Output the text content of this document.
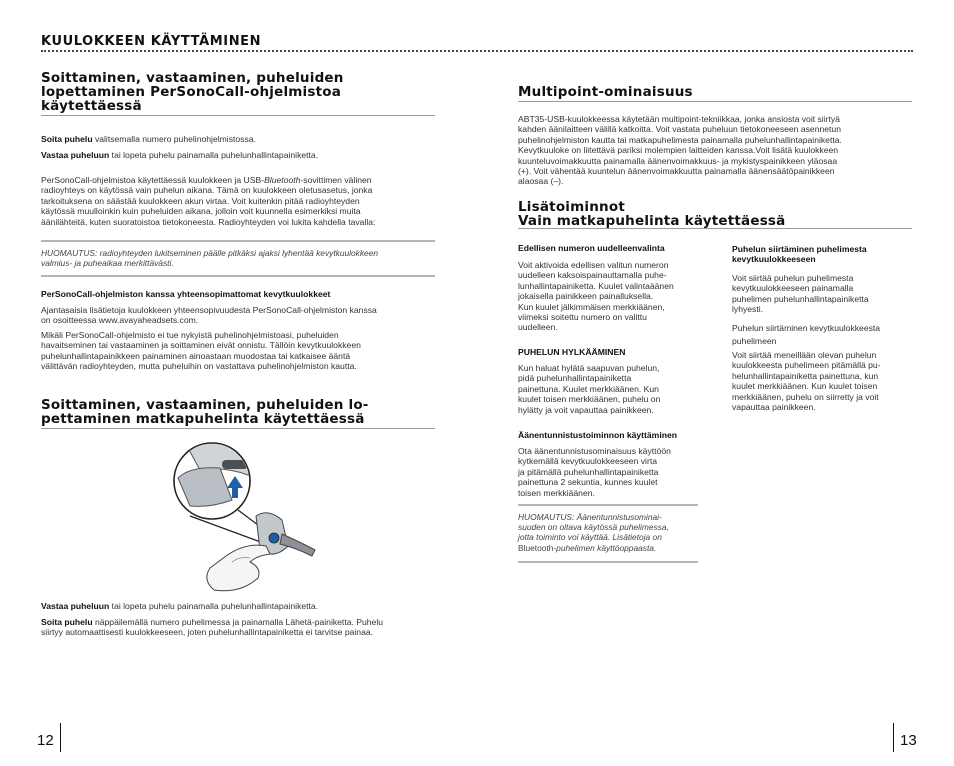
KUULOKKEEN KÄYTTÄMINEN
Soittaminen, vastaaminen, puheluiden
lopettaminen PerSonoCall-ohjelmistoa
käytettäessä
Soita puhelu valitsemalla numero puhelinohjelmistossa.
Vastaa puheluun tai lopeta puhelu painamalla puhelunhallintapainiketta.
PerSonoCall-ohjelmistoa käytettäessä kuulokkeen ja USB-Bluetooth-sovittimen välinen
radioyhteys on käytössä vain puhelun aikana. Tämä on kuulokkeen oletusasetus, jonka
tarkoituksena on säästää kuulokkeen akun virtaa. Voit kuitenkin pitää radioyhteyden
käytössä muulloinkin kuin puheluiden aikana, jolloin voit kuunnella esimerkiksi muita
äänilähteitä, kuten suoratoistoa tietokoneesta. Radioyhteyden voi lukita kahdella tavalla:
HUOMAUTUS: radioyhteyden lukitseminen päälle pitkäksi ajaksi lyhentää kevytkuulokkeen
valmius- ja puheaikaa merkittävästi.
PerSonoCall-ohjelmiston kanssa yhteensopimattomat kevytkuulokkeet
Ajantasaisia lisätietoja kuulokkeen yhteensopivuudesta PerSonoCall-ohjelmiston kanssa
on osoitteessa www.avayaheadsets.com.
Mikäli PerSonoCall-ohjelmisto ei tue nykyistä puhelinohjelmistoasi, puheluiden
havaitseminen tai vastaaminen ja soittaminen eivät onnistu. Tällöin kevytkuulokkeen
puhelunhallintapainikkeen painaminen ainoastaan muodostaa tai katkaisee ääntä
välittävän radioyhteyden, mutta puheluihin on vastattava puhelinohjelmiston kautta.
Soittaminen, vastaaminen, puheluiden lo-
pettaminen matkapuhelinta käytettäessä
Vastaa puheluun tai lopeta puhelu painamalla puhelunhallintapainiketta.
Soita puhelu näppäilemällä numero puhelimessa ja painamalla Lähetä-painiketta. Puhelu
siirtyy automaattisesti kuulokkeeseen, joten puhelunhallintapainiketta ei tarvitse painaa.
12
Multipoint-ominaisuus
ABT35-USB-kuulokkeessa käytetään multipoint-tekniikkaa, jonka ansiosta voit siirtyä
kahden äänilaitteen välillä katkoitta. Voit vastata puheluun tietokoneeseen asennetun
puhelinohjelmiston kautta tai matkapuhelimesta painamalla puhelunhallintapainiketta.
Kevytkuuloke on liitettävä pariksi molempien laitteiden kanssa.Voit lisätä kuulokkeen
kuunteluvoimakkuutta painamalla äänenvoimakkuus- ja mykistyspainikkeen yläosaa
(+). Voit vähentää kuuntelun äänenvoimakkuutta painamalla äänensäätöpainikkeen
alaosaa (–).
Lisätoiminnot
Vain matkapuhelinta käytettäessä
Edellisen numeron uudelleenvalinta
Voit aktivoida edellisen valitun numeron
uudelleen kaksoispainauttamalla puhe-
lunhallintapainiketta. Kuulet valintaäänen
jokaisella painikkeen painalluksella.
Kun kuulet jälkimmäisen merkkiäänen,
viimeksi soitettu numero on valittu
uudelleen.
PUHELUN HYLKÄÄMINEN
Kun haluat hylätä saapuvan puhelun,
pidä puhelunhallintapainiketta
painettuna. Kuulet merkkiäänen. Kun
kuulet toisen merkkiäänen, puhelu on
hylätty ja voit vapauttaa painikkeen.
Äänentunnistustoiminnon käyttäminen
Ota äänentunnistusominaisuus käyttöön
kytkemällä kevytkuulokkeeseen virta
ja pitämällä puhelunhallintapainiketta
painettuna 2 sekuntia, kunnes kuulet
toisen merkkiäänen.
HUOMAUTUS: Äänentunnistusominai-
suuden on oltava käytössä puhelimessa,
jotta toiminto voi käyttää. Lisätietoja on
Bluetooth-puhelimen käyttöoppaasta.
Puhelun siirtäminen puhelimesta
kevytkuulokkeeseen
Voit siirtää puhelun puhelimesta
kevytkuulokkeeseen painamalla
puhelimen puhelunhallintapainiketta
lyhyesti.
Puhelun siirtäminen kevytkuulokkeesta
puhelimeen
Voit siirtää meneillään olevan puhelun
kuulokkeesta puhelimeen pitämällä pu-
helunhallintapainiketta painettuna, kun
kuulet merkkiäänen. Kun kuulet toisen
merkkiäänen, puhelu on siirretty ja voit
vapauttaa painikkeen.
13
